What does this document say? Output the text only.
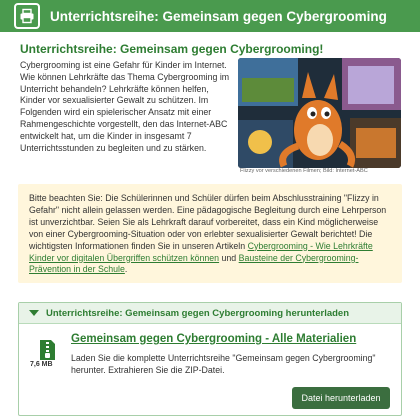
Unterrichtsreihe: Gemeinsam gegen Cybergrooming
Unterrichtsreihe: Gemeinsam gegen Cybergrooming!

Cybergrooming ist eine Gefahr für Kinder im Internet. Wie können Lehrkräfte das Thema Cybergrooming im Unterricht behandeln? Lehrkräfte können helfen, Kinder vor sexualisierter Gewalt zu schützen. Im Folgenden wird ein spielerischer Ansatz mit einer Rahmengeschichte vorgestellt, den das Internet-ABC entwickelt hat, um die Kinder in insgesamt 7 Unterrichtsstunden zu begleiten und zu stärken.

Flizzy vor verschiedenen Filmen; Bild: Internet-ABC
Bitte beachten Sie: Die Schülerinnen und Schüler dürfen beim Abschlusstraining "Flizzy in Gefahr" nicht allein gelassen werden. Eine pädagogische Begleitung durch eine Lehrperson ist unverzichtbar. Seien Sie als Lehrkraft darauf vorbereitet, dass ein Kind möglicherweise von einer Cybergrooming-Situation oder von erlebter sexualisierter Gewalt berichtet! Die wichtigsten Informationen finden Sie in unseren Artikeln Cybergrooming - Wie Lehrkräfte Kinder vor digitalen Übergriffen schützen können und Bausteine der Cybergrooming-Prävention in der Schule.
Unterrichtsreihe: Gemeinsam gegen Cybergrooming herunterladen
7,6 MB
Gemeinsam gegen Cybergrooming - Alle Materialien

Laden Sie die komplette Unterrichtsreihe "Gemeinsam gegen Cybergrooming" herunter. Extrahieren Sie die ZIP-Datei.

Datei herunterladen
